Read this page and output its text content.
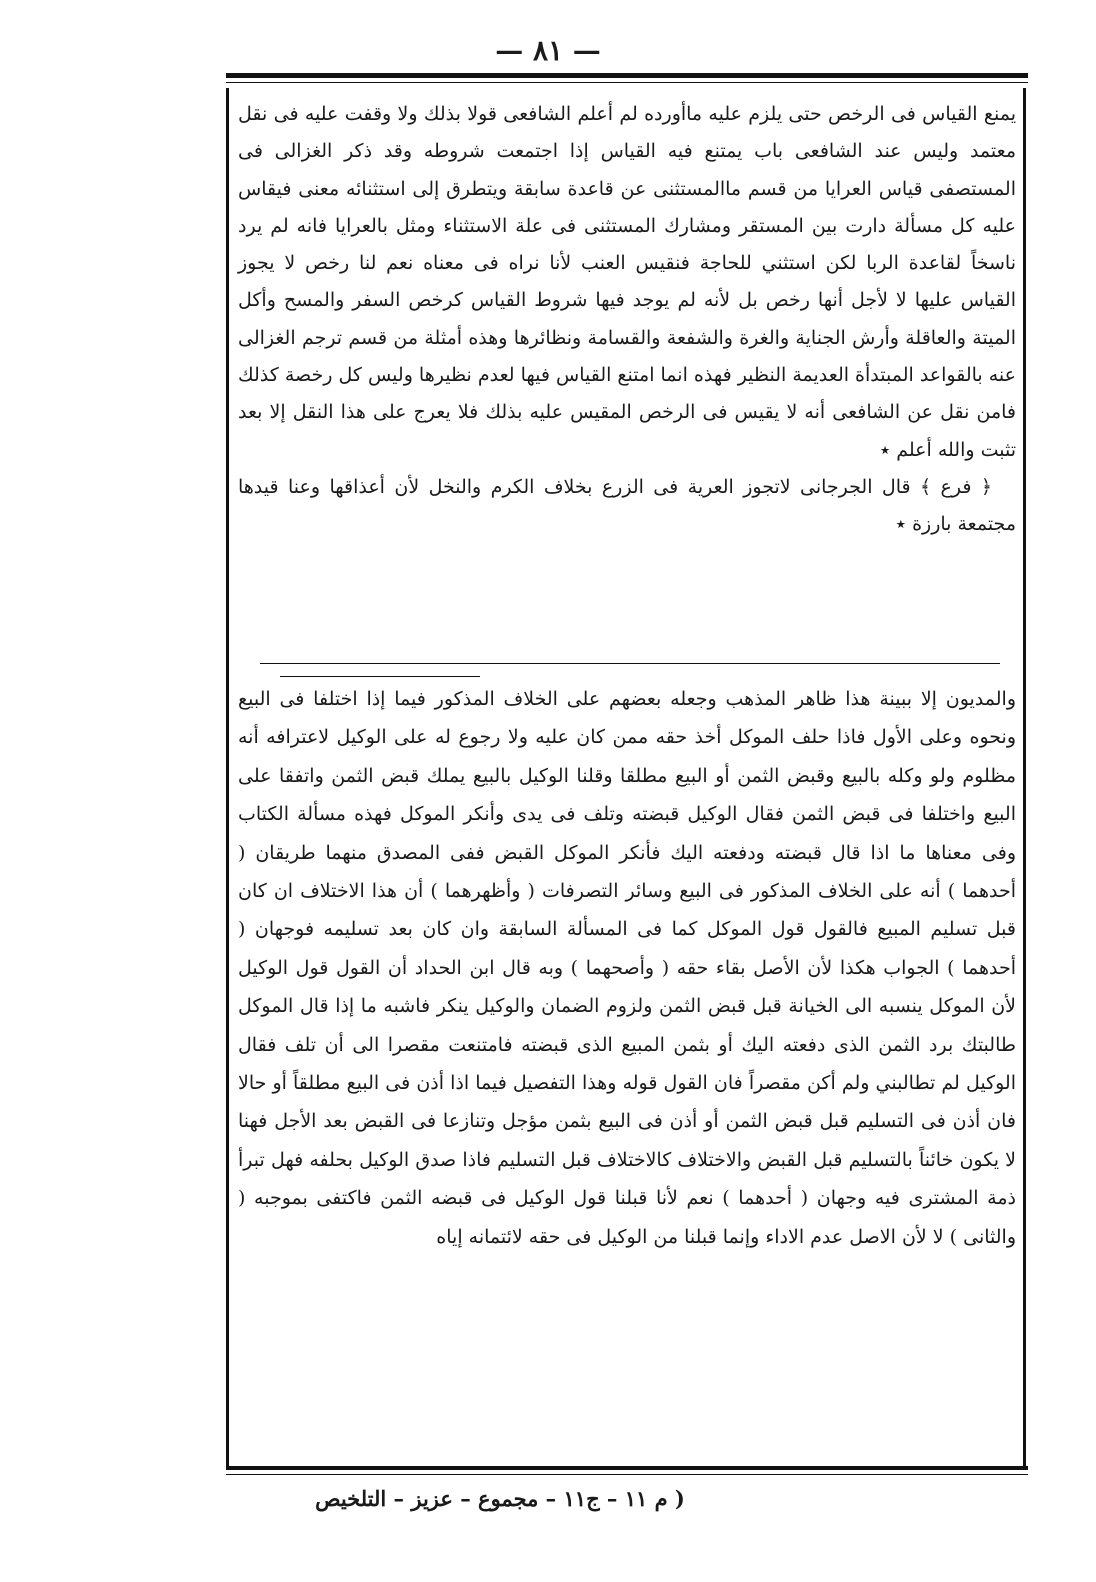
— ٨١ —

يمنع القياس فى الرخص حتى يلزم عليه ماأورده لم أعلم الشافعى قولا بذلك ولا وقفت عليه فى نقل معتمد وليس عند الشافعى باب يمتنع فيه القياس إذا اجتمعت شروطه وقد ذكر الغزالى فى المستصفى قياس العرايا من قسم ماالمستثنى عن قاعدة سابقة ويتطرق إلى استثنائه معنى فيقاس عليه كل مسألة دارت بين المستقر ومشارك المستثنى فى علة الاستثناء ومثل بالعرايا فانه لم يرد ناسخاً لقاعدة الربا لكن استثني للحاجة فنقيس العنب لأنا نراه فى معناه نعم لنا رخص لا يجوز القياس عليها لا لأجل أنها رخص بل لأنه لم يوجد فيها شروط القياس كرخص السفر والمسح وأكل الميتة والعاقلة وأرش الجناية والغرة والشفعة والقسامة ونظائرها وهذه أمثلة من قسم ترجم الغزالى عنه بالقواعد المبتدأة العديمة النظير فهذه انما امتنع القياس فيها لعدم نظيرها وليس كل رخصة كذلك فامن نقل عن الشافعى أنه لا يقيس فى الرخص المقيس عليه بذلك فلا يعرج على هذا النقل إلا بعد تثبت والله أعلم ٭

﴿ فرع ﴾ قال الجرجانى لاتجوز العرية فى الزرع بخلاف الكرم والنخل لأن أعذاقها وعنا قيدها مجتمعة بارزة ٭

والمديون إلا ببينة هذا ظاهر المذهب وجعله بعضهم على الخلاف المذكور فيما إذا اختلفا فى البيع ونحوه وعلى الأول فاذا حلف الموكل أخذ حقه ممن كان عليه ولا رجوع له على الوكيل لاعترافه أنه مظلوم ولو وكله بالبيع وقبض الثمن أو البيع مطلقا وقلنا الوكيل بالبيع يملك قبض الثمن واتفقا على البيع واختلفا فى قبض الثمن فقال الوكيل قبضته وتلف فى يدى وأنكر الموكل فهذه مسألة الكتاب وفى معناها ما اذا قال قبضته ودفعته اليك فأنكر الموكل القبض ففى المصدق منهما طريقان ( أحدهما ) أنه على الخلاف المذكور فى البيع وسائر التصرفات ( وأظهرهما ) أن هذا الاختلاف ان كان قبل تسليم المبيع فالقول قول الموكل كما فى المسألة السابقة وان كان بعد تسليمه فوجهان ( أحدهما ) الجواب هكذا لأن الأصل بقاء حقه ( وأصحهما ) وبه قال ابن الحداد أن القول قول الوكيل لأن الموكل ينسبه الى الخيانة قبل قبض الثمن ولزوم الضمان والوكيل ينكر فاشبه ما إذا قال الموكل طالبتك برد الثمن الذى دفعته اليك أو بثمن المبيع الذى قبضته فامتنعت مقصرا الى أن تلف فقال الوكيل لم تطالبني ولم أكن مقصراً فان القول قوله وهذا التفصيل فيما اذا أذن فى البيع مطلقاً أو حالا فان أذن فى التسليم قبل قبض الثمن أو أذن فى البيع بثمن مؤجل وتنازعا فى القبض بعد الأجل فهنا لا يكون خائناً بالتسليم قبل القبض والاختلاف كالاختلاف قبل التسليم فاذا صدق الوكيل بحلفه فهل تبرأ ذمة المشترى فيه وجهان ( أحدهما ) نعم لأنا قبلنا قول الوكيل فى قبضه الثمن فاكتفى بموجبه ( والثانى ) لا لأن الاصل عدم الاداء وإنما قبلنا من الوكيل فى حقه لائتمانه إياه

( م ١١ – ج١١ – مجموع – عزيز – التلخيص
